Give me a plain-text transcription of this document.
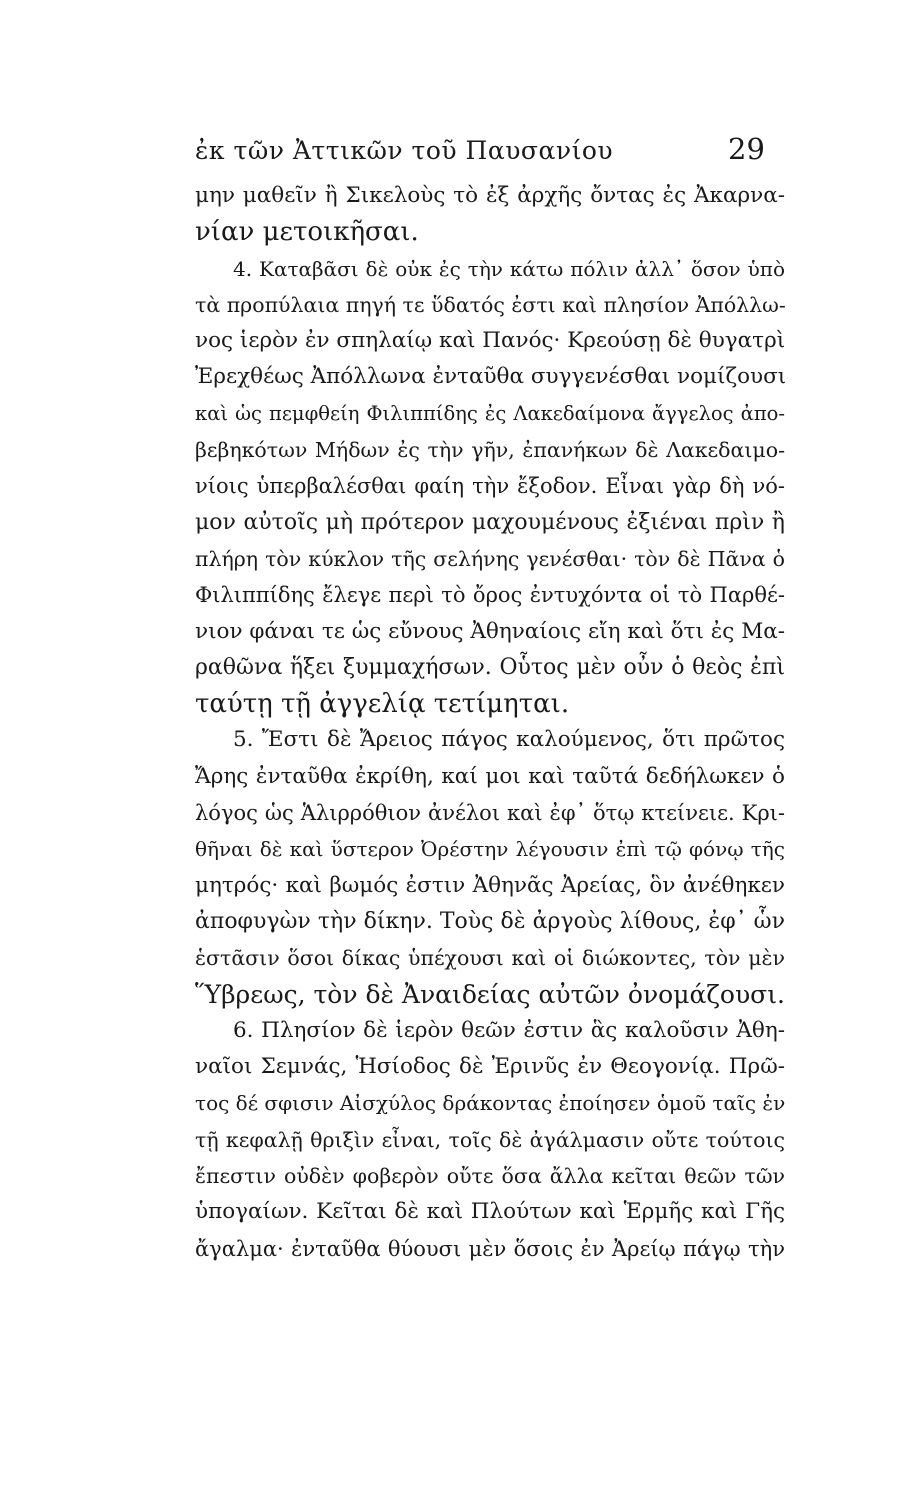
ἐκ τῶν Ἀττικῶν τοῦ Παυσανίου	29
μην μαθεῖν ἢ Σικελοὺς τὸ ἐξ ἀρχῆς ὄντας ἐς Ἀκαρνα-
νίαν μετοικῆσαι.
4. Καταβᾶσι δὲ οὐκ ἐς τὴν κάτω πόλιν ἀλλ᾽ ὅσον ὑπὸ
τὰ προπύλαια πηγή τε ὕδατός ἐστι καὶ πλησίον Ἀπόλλω-
νος ἱερὸν ἐν σπηλαίῳ καὶ Πανός· Κρεούσῃ δὲ θυγατρὶ
Ἐρεχθέως Ἀπόλλωνα ἐνταῦθα συγγενέσθαι νομίζουσι
καὶ ὡς πεμφθείη Φιλιππίδης ἐς Λακεδαίμονα ἄγγελος ἀπο-
βεβηκότων Μήδων ἐς τὴν γῆν, ἐπανήκων δὲ Λακεδαιμο-
νίοις ὑπερβαλέσθαι φαίη τὴν ἔξοδον. Εἶναι γὰρ δὴ νό-
μον αὐτοῖς μὴ πρότερον μαχουμένους ἐξιέναι πρὶν ἢ
πλήρη τὸν κύκλον τῆς σελήνης γενέσθαι· τὸν δὲ Πᾶνα ὁ
Φιλιππίδης ἔλεγε περὶ τὸ ὄρος ἐντυχόντα οἱ τὸ Παρθέ-
νιον φάναι τε ὡς εὔνους Ἀθηναίοις εἴη καὶ ὅτι ἐς Μα-
ραθῶνα ἥξει ξυμμαχήσων. Οὗτος μὲν οὖν ὁ θεὸς ἐπὶ
ταύτῃ τῇ ἀγγελίᾳ τετίμηται.
5. Ἔστι δὲ Ἄρειος πάγος καλούμενος, ὅτι πρῶτος
Ἄρης ἐνταῦθα ἐκρίθη, καί μοι καὶ ταῦτά δεδήλωκεν ὁ
λόγος ὡς Ἁλιρρόθιον ἀνέλοι καὶ ἐφ᾽ ὅτῳ κτείνειε. Κρι-
θῆναι δὲ καὶ ὕστερον Ὀρέστην λέγουσιν ἐπὶ τῷ φόνῳ τῆς
μητρός· καὶ βωμός ἐστιν Ἀθηνᾶς Ἀρείας, ὃν ἀνέθηκεν
ἀποφυγὼν τὴν δίκην. Τοὺς δὲ ἀργοὺς λίθους, ἐφ᾽ ὧν
ἑστᾶσιν ὅσοι δίκας ὑπέχουσι καὶ οἱ διώκοντες, τὸν μὲν
Ὕβρεως, τὸν δὲ Ἀναιδείας αὐτῶν ὀνομάζουσι.
6. Πλησίον δὲ ἱερὸν θεῶν ἐστιν ἃς καλοῦσιν Ἀθη-
ναῖοι Σεμνάς, Ἡσίοδος δὲ Ἐρινῦς ἐν Θεογονίᾳ. Πρῶ-
τος δέ σφισιν Αἰσχύλος δράκοντας ἐποίησεν ὁμοῦ ταῖς ἐν
τῇ κεφαλῇ θριξὶν εἶναι, τοῖς δὲ ἀγάλμασιν οὔτε τούτοις
ἔπεστιν οὐδὲν φοβερὸν οὔτε ὅσα ἄλλα κεῖται θεῶν τῶν
ὑπογαίων. Κεῖται δὲ καὶ Πλούτων καὶ Ἑρμῆς καὶ Γῆς
ἄγαλμα· ἐνταῦθα θύουσι μὲν ὅσοις ἐν Ἀρείῳ πάγῳ τὴν
